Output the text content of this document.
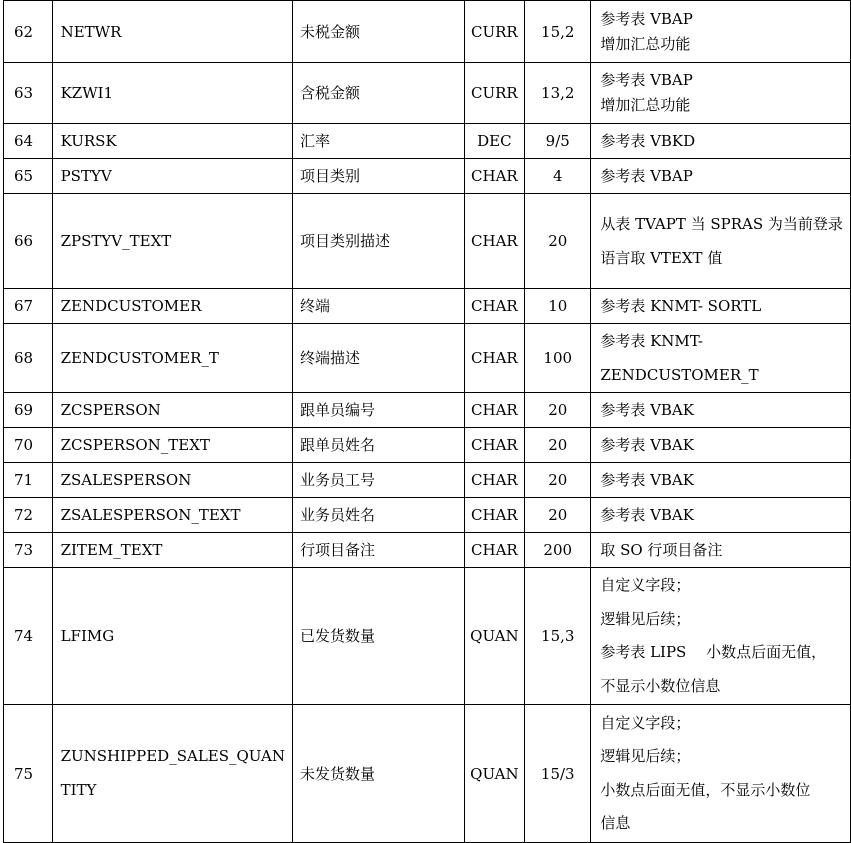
62	NETWR	未税金额	CURR	15,2	参考表 VBAP
增加汇总功能

63	KZWI1	含税金额	CURR	13,2	参考表 VBAP
增加汇总功能

64	KURSK	汇率	DEC	9/5	参考表 VBKD

65	PSTYV	项目类别	CHAR	4	参考表 VBAP

66	ZPSTYV_TEXT	项目类别描述	CHAR	20	从表 TVAPT 当 SPRAS 为当前登录
语言取 VTEXT 值

67	ZENDCUSTOMER	终端	CHAR	10	参考表 KNMT- SORTL

68	ZENDCUSTOMER_T	终端描述	CHAR	100	参考表 KNMT- ZENDCUSTOMER_T

69	ZCSPERSON	跟单员编号	CHAR	20	参考表 VBAK

70	ZCSPERSON_TEXT	跟单员姓名	CHAR	20	参考表 VBAK

71	ZSALESPERSON	业务员工号	CHAR	20	参考表 VBAK

72	ZSALESPERSON_TEXT	业务员姓名	CHAR	20	参考表 VBAK

73	ZITEM_TEXT	行项目备注	CHAR	200	取 SO 行项目备注

74	LFIMG	已发货数量	QUAN	15,3	自定义字段；
逻辑见后续；
参考表 LIPS　 小数点后面无值，
不显示小数位信息

75	ZUNSHIPPED_SALES_QUAN
TITY	未发货数量	QUAN	15/3	自定义字段；
逻辑见后续；
小数点后面无值，不显示小数位
信息
